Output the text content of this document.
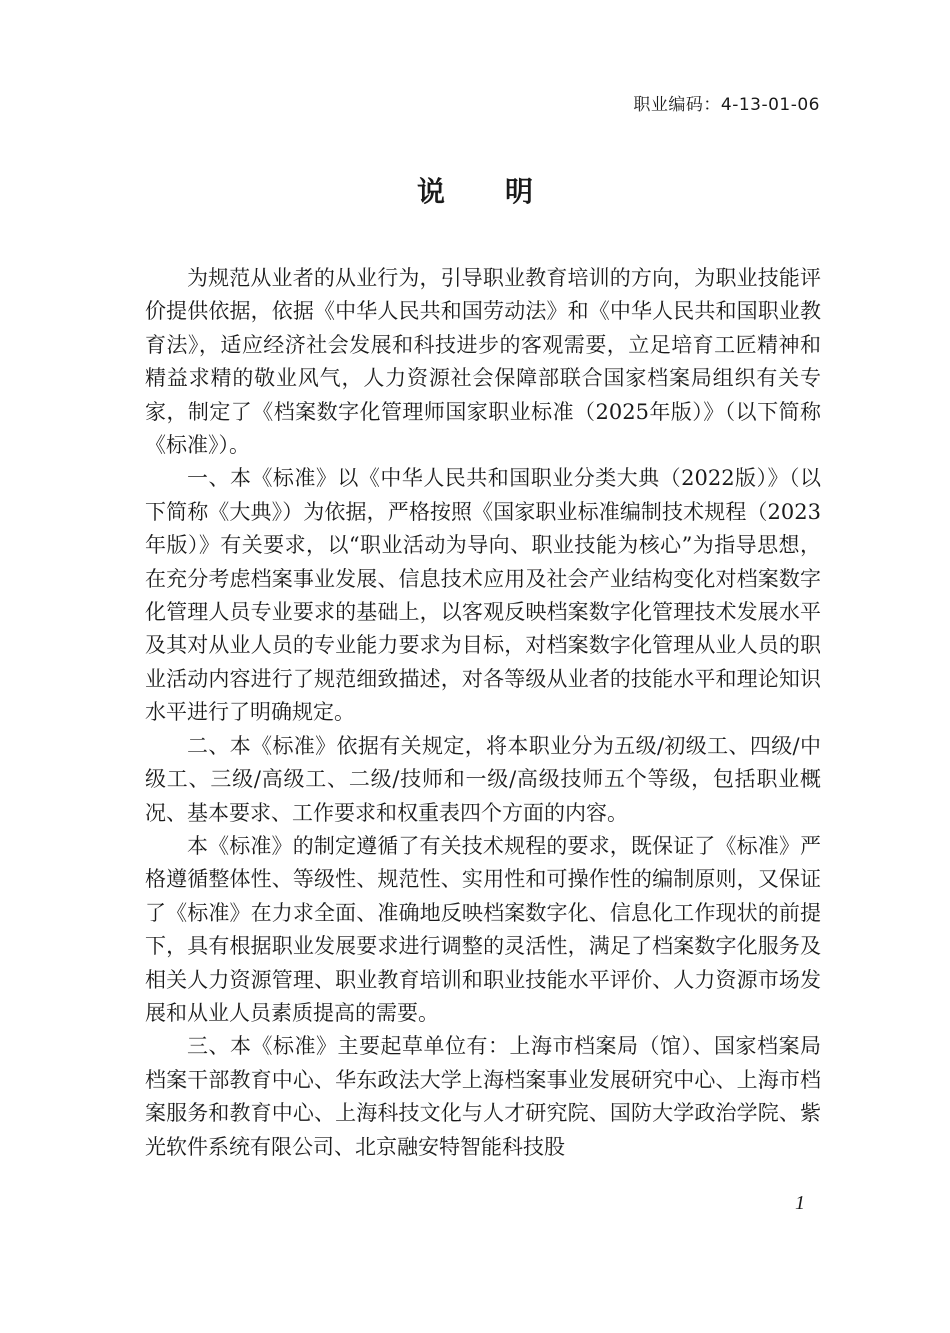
职业编码：4-13-01-06
说明

为规范从业者的从业行为，引导职业教育培训的方向，为职业技能评价提供依据，依据《中华人民共和国劳动法》和《中华人民共和国职业教育法》，适应经济社会发展和科技进步的客观需要，立足培育工匠精神和精益求精的敬业风气，人力资源社会保障部联合国家档案局组织有关专家，制定了《档案数字化管理师国家职业标准（2025年版）》（以下简称《标准》）。

一、本《标准》以《中华人民共和国职业分类大典（2022版）》（以下简称《大典》）为依据，严格按照《国家职业标准编制技术规程（2023年版）》有关要求，以“职业活动为导向、职业技能为核心”为指导思想，在充分考虑档案事业发展、信息技术应用及社会产业结构变化对档案数字化管理人员专业要求的基础上，以客观反映档案数字化管理技术发展水平及其对从业人员的专业能力要求为目标，对档案数字化管理从业人员的职业活动内容进行了规范细致描述，对各等级从业者的技能水平和理论知识水平进行了明确规定。

二、本《标准》依据有关规定，将本职业分为五级/初级工、四级/中级工、三级/高级工、二级/技师和一级/高级技师五个等级，包括职业概况、基本要求、工作要求和权重表四个方面的内容。

本《标准》的制定遵循了有关技术规程的要求，既保证了《标准》严格遵循整体性、等级性、规范性、实用性和可操作性的编制原则，又保证了《标准》在力求全面、准确地反映档案数字化、信息化工作现状的前提下，具有根据职业发展要求进行调整的灵活性，满足了档案数字化服务及相关人力资源管理、职业教育培训和职业技能水平评价、人力资源市场发展和从业人员素质提高的需要。

三、本《标准》主要起草单位有：上海市档案局（馆）、国家档案局档案干部教育中心、华东政法大学上海档案事业发展研究中心、上海市档案服务和教育中心、上海科技文化与人才研究院、国防大学政治学院、紫光软件系统有限公司、北京融安特智能科技股

1
